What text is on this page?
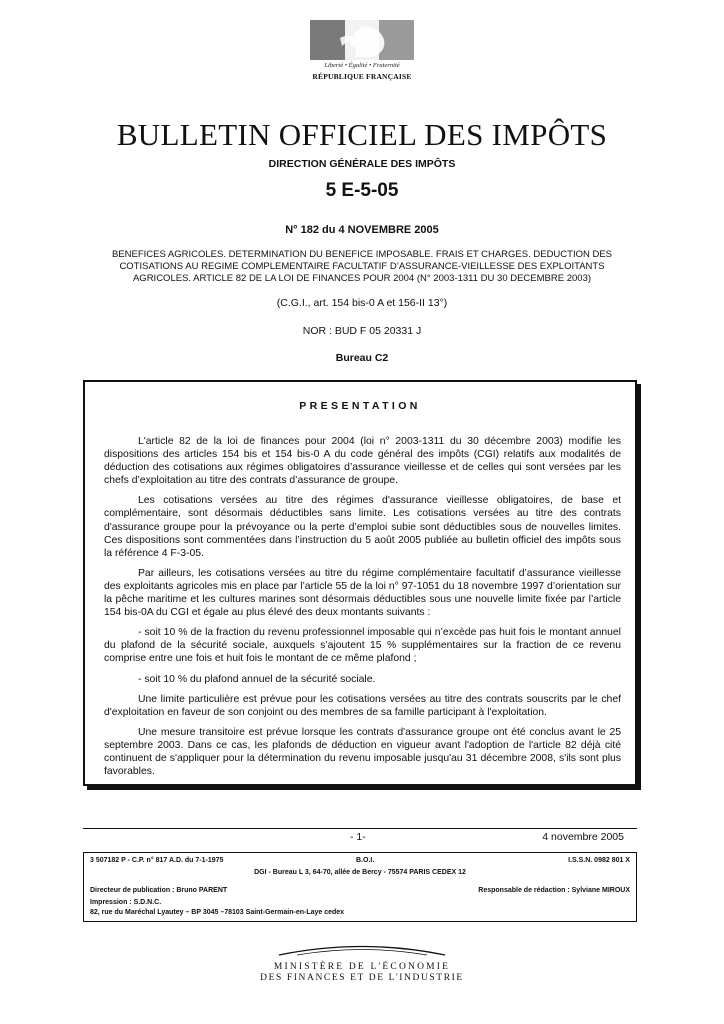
Liberté • Égalité • Fraternité
RÉPUBLIQUE FRANÇAISE
BULLETIN OFFICIEL DES IMPÔTS
DIRECTION GÉNÉRALE DES IMPÔTS
5 E-5-05
N° 182 du 4 NOVEMBRE 2005
BENEFICES AGRICOLES. DETERMINATION DU BENEFICE IMPOSABLE. FRAIS ET CHARGES. DEDUCTION DES COTISATIONS AU REGIME COMPLEMENTAIRE FACULTATIF D’ASSURANCE-VIEILLESSE DES EXPLOITANTS AGRICOLES. ARTICLE 82 DE LA LOI DE FINANCES POUR 2004 (N° 2003-1311 DU 30 DECEMBRE 2003)
(C.G.I., art. 154 bis-0 A et 156-II 13°)
NOR : BUD F 05 20331 J
Bureau C2
PRESENTATION

L'article 82 de la loi de finances pour 2004 (loi n° 2003-1311 du 30 décembre 2003) modifie les dispositions des articles 154 bis et 154 bis-0 A du code général des impôts (CGI) relatifs aux modalités de déduction des cotisations aux régimes obligatoires d’assurance vieillesse et de celles qui sont versées par les chefs d’exploitation au titre des contrats d’assurance de groupe.

Les cotisations versées au titre des régimes d'assurance vieillesse obligatoires, de base et complémentaire, sont désormais déductibles sans limite. Les cotisations versées au titre des contrats d'assurance groupe pour la prévoyance ou la perte d’emploi subie sont déductibles sous de nouvelles limites. Ces dispositions sont commentées dans l’instruction du 5 août 2005 publiée au bulletin officiel des impôts sous la référence 4 F-3-05.

Par ailleurs, les cotisations versées au titre du régime complémentaire facultatif d’assurance vieillesse des exploitants agricoles mis en place par l’article 55 de la loi n° 97-1051 du 18 novembre 1997 d’orientation sur la pêche maritime et les cultures marines sont désormais déductibles sous une nouvelle limite fixée par l’article 154 bis-0A du CGI et égale au plus élevé des deux montants suivants :

- soit 10 % de la fraction du revenu professionnel imposable qui n’excède pas huit fois le montant annuel du plafond de la sécurité sociale, auxquels s’ajoutent 15 % supplémentaires sur la fraction de ce revenu comprise entre une fois et huit fois le montant de ce même plafond ;

- soit 10 % du plafond annuel de la sécurité sociale.

Une limite particulière est prévue pour les cotisations versées au titre des contrats souscrits par le chef d'exploitation en faveur de son conjoint ou des membres de sa famille participant à l'exploitation.

Une mesure transitoire est prévue lorsque les contrats d'assurance groupe ont été conclus avant le 25 septembre 2003. Dans ce cas, les plafonds de déduction en vigueur avant l'adoption de l'article 82 déjà cité continuent de s'appliquer pour la détermination du revenu imposable jusqu'au 31 décembre 2008, s'ils sont plus favorables.

- 1-	4 novembre 2005
3 507182 P - C.P. n° 817 A.D. du 7-1-1975	B.O.I.	I.S.S.N. 0982 801 X
DGI - Bureau L 3, 64-70, allée de Bercy - 75574 PARIS CEDEX 12
Directeur de publication : Bruno PARENT	Responsable de rédaction : Sylviane MIROUX
Impression : S.D.N.C.
82, rue du Maréchal Lyautey – BP 3045 –78103 Saint-Germain-en-Laye cedex
MINISTÈRE DE L'ÉCONOMIE
DES FINANCES ET DE L'INDUSTRIE
